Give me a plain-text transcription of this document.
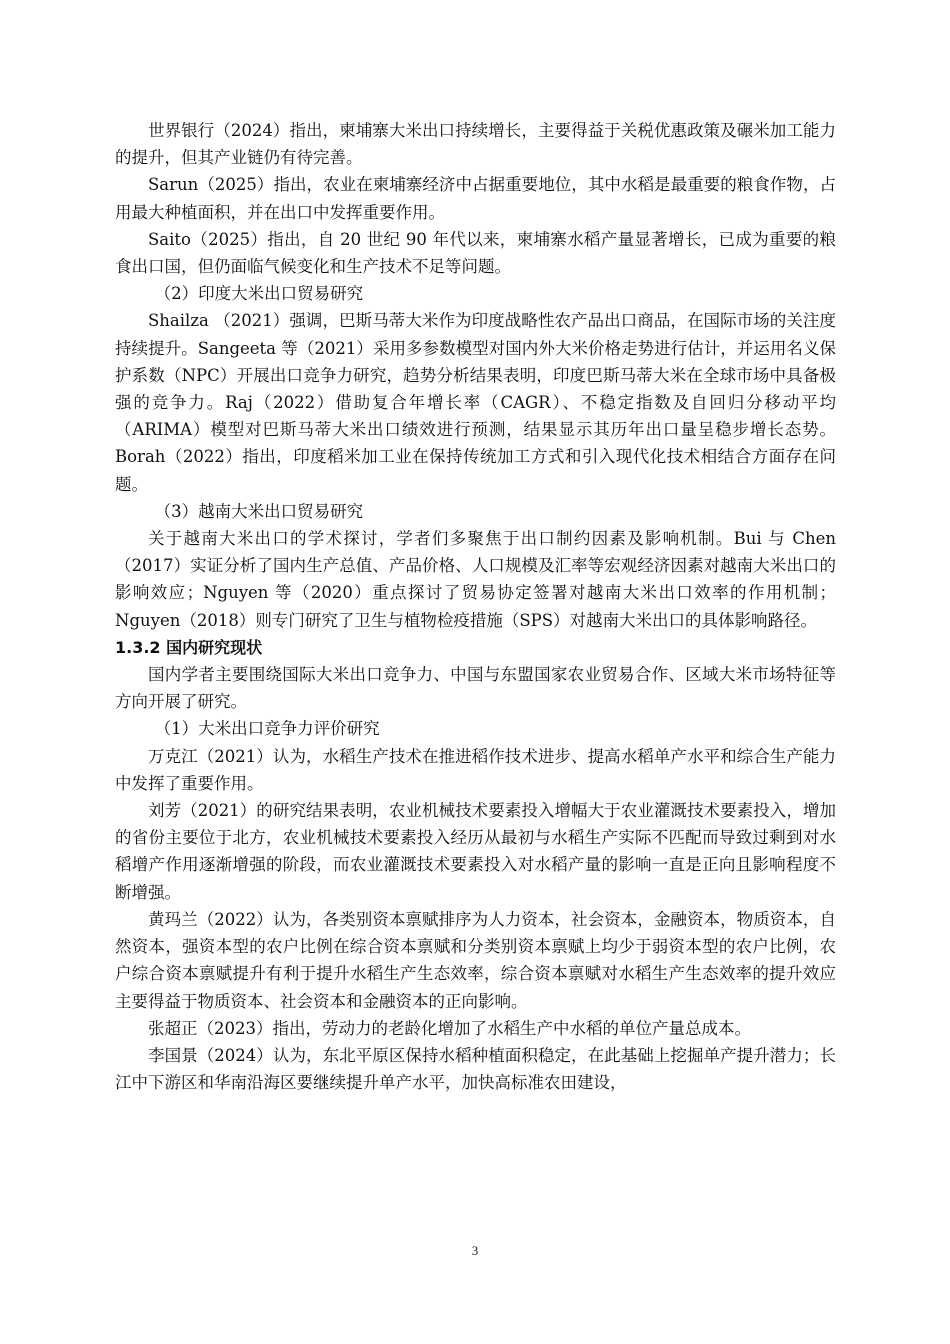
世界银行（2024）指出，柬埔寨大米出口持续增长，主要得益于关税优惠政策及碾米加工能力的提升，但其产业链仍有待完善。

Sarun（2025）指出，农业在柬埔寨经济中占据重要地位，其中水稻是最重要的粮食作物，占用最大种植面积，并在出口中发挥重要作用。

Saito（2025）指出，自 20 世纪 90 年代以来，柬埔寨水稻产量显著增长，已成为重要的粮食出口国，但仍面临气候变化和生产技术不足等问题。

（2）印度大米出口贸易研究

Shailza （2021）强调，巴斯马蒂大米作为印度战略性农产品出口商品，在国际市场的关注度持续提升。Sangeeta 等（2021）采用多参数模型对国内外大米价格走势进行估计，并运用名义保护系数（NPC）开展出口竞争力研究，趋势分析结果表明，印度巴斯马蒂大米在全球市场中具备极强的竞争力。Raj（2022）借助复合年增长率（CAGR）、不稳定指数及自回归分移动平均（ARIMA）模型对巴斯马蒂大米出口绩效进行预测，结果显示其历年出口量呈稳步增长态势。Borah（2022）指出，印度稻米加工业在保持传统加工方式和引入现代化技术相结合方面存在问题。

（3）越南大米出口贸易研究

关于越南大米出口的学术探讨，学者们多聚焦于出口制约因素及影响机制。Bui 与 Chen（2017）实证分析了国内生产总值、产品价格、人口规模及汇率等宏观经济因素对越南大米出口的影响效应；Nguyen 等（2020）重点探讨了贸易协定签署对越南大米出口效率的作用机制；Nguyen（2018）则专门研究了卫生与植物检疫措施（SPS）对越南大米出口的具体影响路径。

1.3.2 国内研究现状

国内学者主要围绕国际大米出口竞争力、中国与东盟国家农业贸易合作、区域大米市场特征等方向开展了研究。

（1）大米出口竞争力评价研究

万克江（2021）认为，水稻生产技术在推进稻作技术进步、提高水稻单产水平和综合生产能力中发挥了重要作用。

刘芳（2021）的研究结果表明，农业机械技术要素投入增幅大于农业灌溉技术要素投入，增加的省份主要位于北方，农业机械技术要素投入经历从最初与水稻生产实际不匹配而导致过剩到对水稻增产作用逐渐增强的阶段，而农业灌溉技术要素投入对水稻产量的影响一直是正向且影响程度不断增强。

黄玛兰（2022）认为，各类别资本禀赋排序为人力资本，社会资本，金融资本，物质资本，自然资本，强资本型的农户比例在综合资本禀赋和分类别资本禀赋上均少于弱资本型的农户比例，农户综合资本禀赋提升有利于提升水稻生产生态效率，综合资本禀赋对水稻生产生态效率的提升效应主要得益于物质资本、社会资本和金融资本的正向影响。

张超正（2023）指出，劳动力的老龄化增加了水稻生产中水稻的单位产量总成本。

李国景（2024）认为，东北平原区保持水稻种植面积稳定，在此基础上挖掘单产提升潜力；长江中下游区和华南沿海区要继续提升单产水平，加快高标准农田建设，

3
